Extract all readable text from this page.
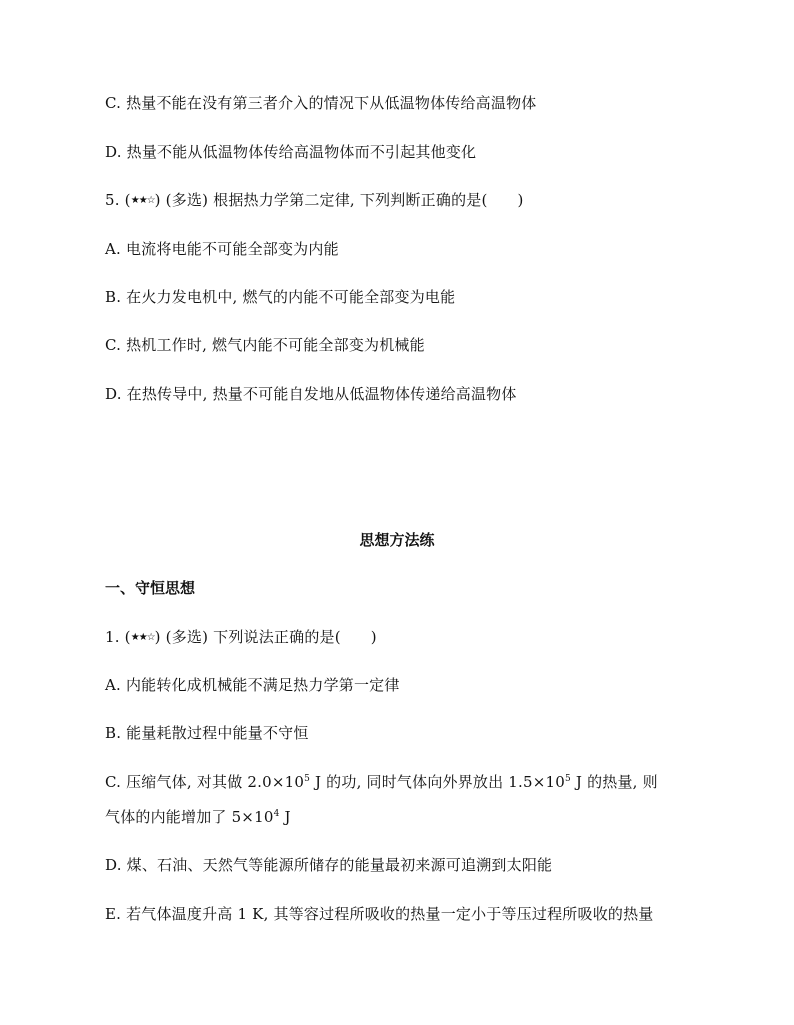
C. 热量不能在没有第三者介入的情况下从低温物体传给高温物体
D. 热量不能从低温物体传给高温物体而不引起其他变化
5. (★★☆) (多选) 根据热力学第二定律, 下列判断正确的是( )
A. 电流将电能不可能全部变为内能
B. 在火力发电机中, 燃气的内能不可能全部变为电能
C. 热机工作时, 燃气内能不可能全部变为机械能
D. 在热传导中, 热量不可能自发地从低温物体传递给高温物体
思想方法练
一、守恒思想
1. (★★☆) (多选) 下列说法正确的是( )
A. 内能转化成机械能不满足热力学第一定律
B. 能量耗散过程中能量不守恒
C. 压缩气体, 对其做 $2.0\times 10^5$ J 的功, 同时气体向外界放出 $1.5\times 10^5$ J 的热量, 则
气体的内能增加了 $5\times 10^4$ J
D. 煤、石油、天然气等能源所储存的能量最初来源可追溯到太阳能
E. 若气体温度升高 1 K, 其等容过程所吸收的热量一定小于等压过程所吸收的热量
